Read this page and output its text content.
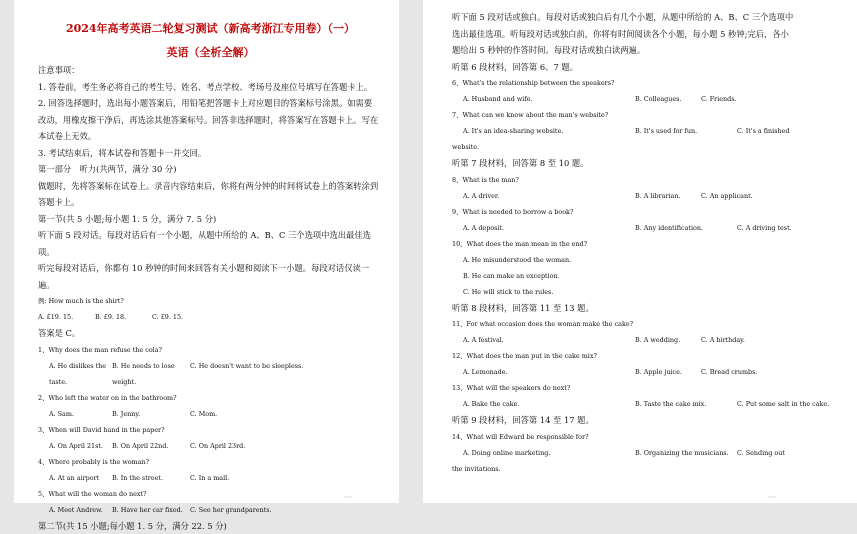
2024年高考英语二轮复习测试（新高考浙江专用卷）（一）
英语（全析全解）
注意事项：
1. 答卷前，考生务必将自己的考生号、姓名、考点学校、考场号及座位号填写在答题卡上。
2. 回答选择题时，选出每小题答案后，用铅笔把答题卡上对应题目的答案标号涂黑。如需要
改动，用橡皮擦干净后，再选涂其他答案标号。回答非选择题时，将答案写在答题卡上。写在
本试卷上无效。
3. 考试结束后，将本试卷和答题卡一并交回。
第一部分　听力(共两节，满分 30 分)
做题时，先将答案标在试卷上。录音内容结束后，你将有两分钟的时间将试卷上的答案转涂到
答题卡上。
第一节(共 5 小题;每小题 1. 5 分，满分 7. 5 分)
听下面 5 段对话。每段对话后有一个小题，从题中所给的 A、B、C 三个选项中选出最佳选项。
听完每段对话后，你都有 10 秒钟的时间来回答有关小题和阅读下一小题。每段对话仅读一遍。
例: How much is the shirt?
A. £19. 15.	B. £9. 18.	C. £9. 15.
答案是 C。
1、Why does the man refuse the cola?
A. He dislikes the taste.
B. He needs to lose weight.
C. He doesn't want to be sleepless.
2、Who left the water on in the bathroom?
A. Sam.	B. Jenny.	C. Mom.
3、When will David hand in the paper?
A. On April 21st.	B. On April 22nd.	C. On April 23rd.
4、Where probably is the woman?
A. At an airport	B. In the street.	C. In a mall.
5、What will the woman do next?
A. Meet Andrew.	B. Have her car fixed.	C. See her grandparents.
第二节(共 15 小题;每小题 1. 5 分，满分 22. 5 分)
〰
听下面 5 段对话或独白。每段对话或独白后有几个小题，从题中所给的 A、B、C 三个选项中
选出最佳选项。听每段对话或独白前，你将有时间阅读各个小题，每小题 5 秒钟;完后，各小
题给出 5 秒钟的作答时间。每段对话或独白读两遍。
听第 6 段材料，回答第 6、7 题。
6、What's the relationship between the speakers?
A. Husband and wife.	B. Colleagues.	C. Friends.
7、What can we know about the man's website?
A. It's an idea-sharing website.	B. It's used for fun.	C. It's a finished
website.
听第 7 段材料，回答第 8 至 10 题。
8、What is the man?
A. A driver.	B. A librarian.	C. An applicant.
9、What is needed to borrow a book?
A. A deposit.	B. Any identification.	C. A driving test.
10、What does the man mean in the end?
A. He misunderstood the woman.
B. He can make an exception.
C. He will stick to the rules.
听第 8 段材料，回答第 11 至 13 题。
11、For what occasion does the woman make the cake?
A. A festival.	B. A wedding.	C. A birthday.
12、What does the man put in the cake mix?
A. Lemonade.	B. Apple juice.	C. Bread crumbs.
13、What will the speakers do next?
A. Bake the cake.	B. Taste the cake mix.	C. Put some salt in the cake.
听第 9 段材料，回答第 14 至 17 题。
14、What will Edward be responsible for?
A. Doing online marketing.	B. Organizing the musicians.	C. Sending out
the invitations.
〰
